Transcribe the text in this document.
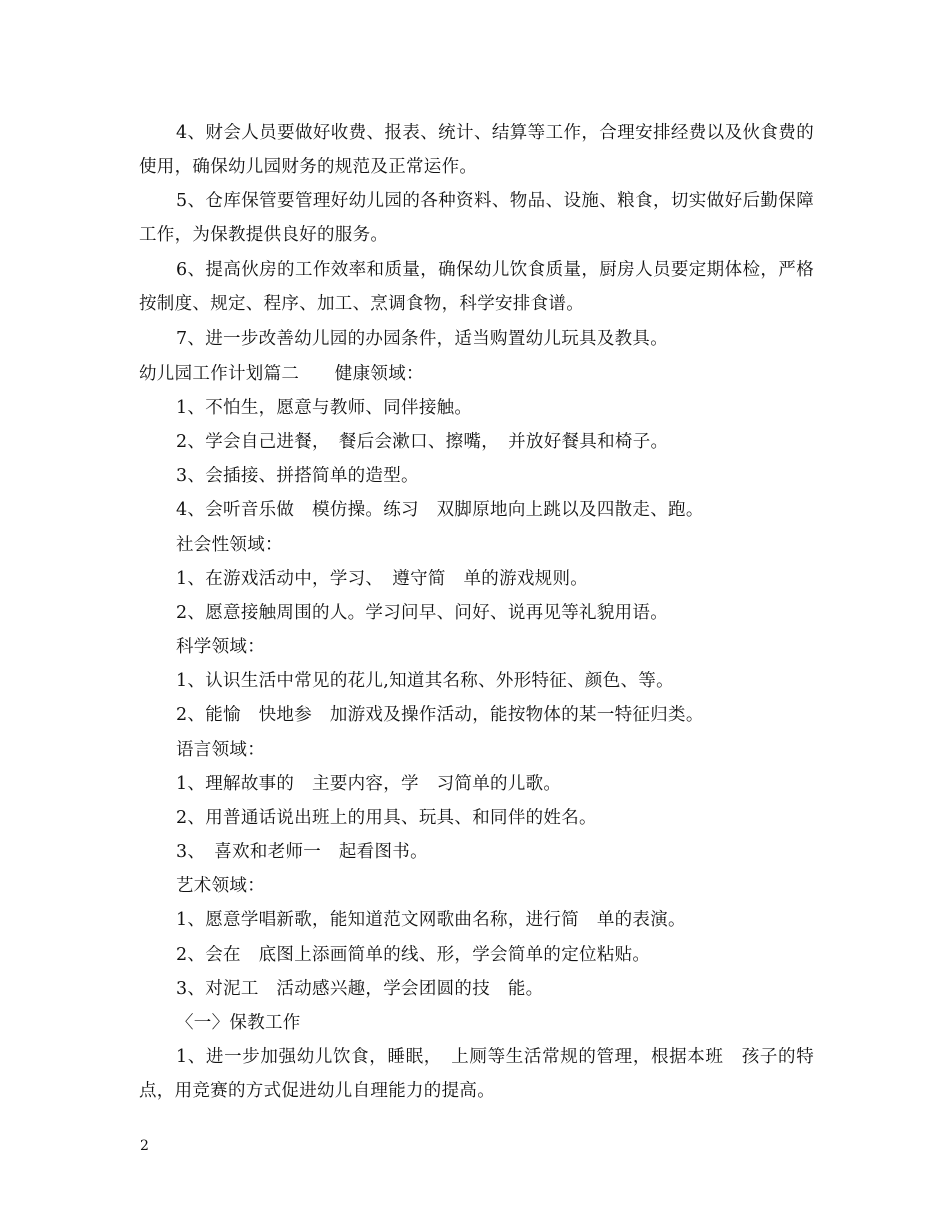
4、财会人员要做好收费、报表、统计、结算等工作，合理安排经费以及伙食费的使用，确保幼儿园财务的规范及正常运作。
5、仓库保管要管理好幼儿园的各种资料、物品、设施、粮食，切实做好后勤保障工作，为保教提供良好的服务。
6、提高伙房的工作效率和质量，确保幼儿饮食质量，厨房人员要定期体检，严格按制度、规定、程序、加工、烹调食物，科学安排食谱。
7、进一步改善幼儿园的办园条件，适当购置幼儿玩具及教具。
幼儿园工作计划篇二　　健康领域：
1、不怕生，愿意与教师、同伴接触。
2、学会自己进餐，　餐后会漱口、擦嘴，　并放好餐具和椅子。
3、会插接、拼搭简单的造型。
4、会听音乐做　模仿操。练习　双脚原地向上跳以及四散走、跑。
社会性领域：
1、在游戏活动中，学习、　遵守简　单的游戏规则。
2、愿意接触周围的人。学习问早、问好、说再见等礼貌用语。
科学领域：
1、认识生活中常见的花儿,知道其名称、外形特征、颜色、等。
2、能愉　快地参　加游戏及操作活动，能按物体的某一特征归类。
语言领域：
1、理解故事的　主要内容，学　习简单的儿歌。
2、用普通话说出班上的用具、玩具、和同伴的姓名。
3、　喜欢和老师一　起看图书。
艺术领域：
1、愿意学唱新歌，能知道范文网歌曲名称，进行简　单的表演。
2、会在　底图上添画简单的线、形，学会简单的定位粘贴。
3、对泥工　活动感兴趣，学会团圆的技　能。
〈一〉保教工作
1、进一步加强幼儿饮食，睡眠，　上厕等生活常规的管理，根据本班　孩子的特点，用竞赛的方式促进幼儿自理能力的提高。
2
